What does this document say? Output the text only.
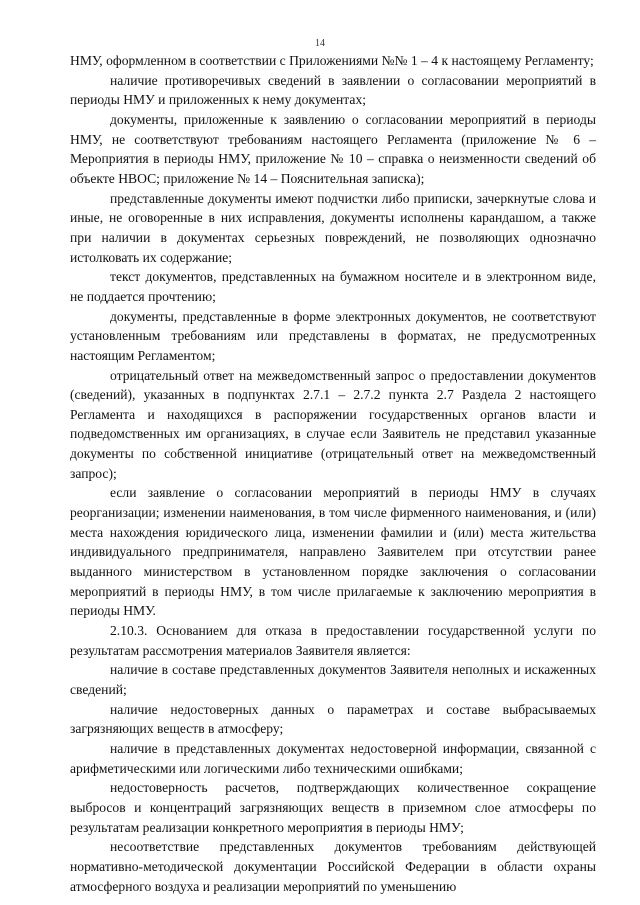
14

НМУ, оформленном в соответствии с Приложениями №№ 1 – 4 к настоящему Регламенту;

наличие противоречивых сведений в заявлении о согласовании мероприятий в периоды НМУ и приложенных к нему документах;

документы, приложенные к заявлению о согласовании мероприятий в периоды НМУ, не соответствуют требованиям настоящего Регламента (приложение № 6 – Мероприятия в периоды НМУ, приложение № 10 – справка о неизменности сведений об объекте НВОС; приложение № 14 – Пояснительная записка);

представленные документы имеют подчистки либо приписки, зачеркнутые слова и иные, не оговоренные в них исправления, документы исполнены карандашом, а также при наличии в документах серьезных повреждений, не позволяющих однозначно истолковать их содержание;

текст документов, представленных на бумажном носителе и в электронном виде, не поддается прочтению;

документы, представленные в форме электронных документов, не соответствуют установленным требованиям или представлены в форматах, не предусмотренных настоящим Регламентом;

отрицательный ответ на межведомственный запрос о предоставлении документов (сведений), указанных в подпунктах 2.7.1 – 2.7.2 пункта 2.7 Раздела 2 настоящего Регламента и находящихся в распоряжении государственных органов власти и подведомственных им организациях, в случае если Заявитель не представил указанные документы по собственной инициативе (отрицательный ответ на межведомственный запрос);

если заявление о согласовании мероприятий в периоды НМУ в случаях реорганизации; изменении наименования, в том числе фирменного наименования, и (или) места нахождения юридического лица, изменении фамилии и (или) места жительства индивидуального предпринимателя, направлено Заявителем при отсутствии ранее выданного министерством в установленном порядке заключения о согласовании мероприятий в периоды НМУ, в том числе прилагаемые к заключению мероприятия в периоды НМУ.

2.10.3. Основанием для отказа в предоставлении государственной услуги по результатам рассмотрения материалов Заявителя является:

наличие в составе представленных документов Заявителя неполных и искаженных сведений;

наличие недостоверных данных о параметрах и составе выбрасываемых загрязняющих веществ в атмосферу;

наличие в представленных документах недостоверной информации, связанной с арифметическими или логическими либо техническими ошибками;

недостоверность расчетов, подтверждающих количественное сокращение выбросов и концентраций загрязняющих веществ в приземном слое атмосферы по результатам реализации конкретного мероприятия в периоды НМУ;

несоответствие представленных документов требованиям действующей нормативно-методической документации Российской Федерации в области охраны атмосферного воздуха и реализации мероприятий по уменьшению
